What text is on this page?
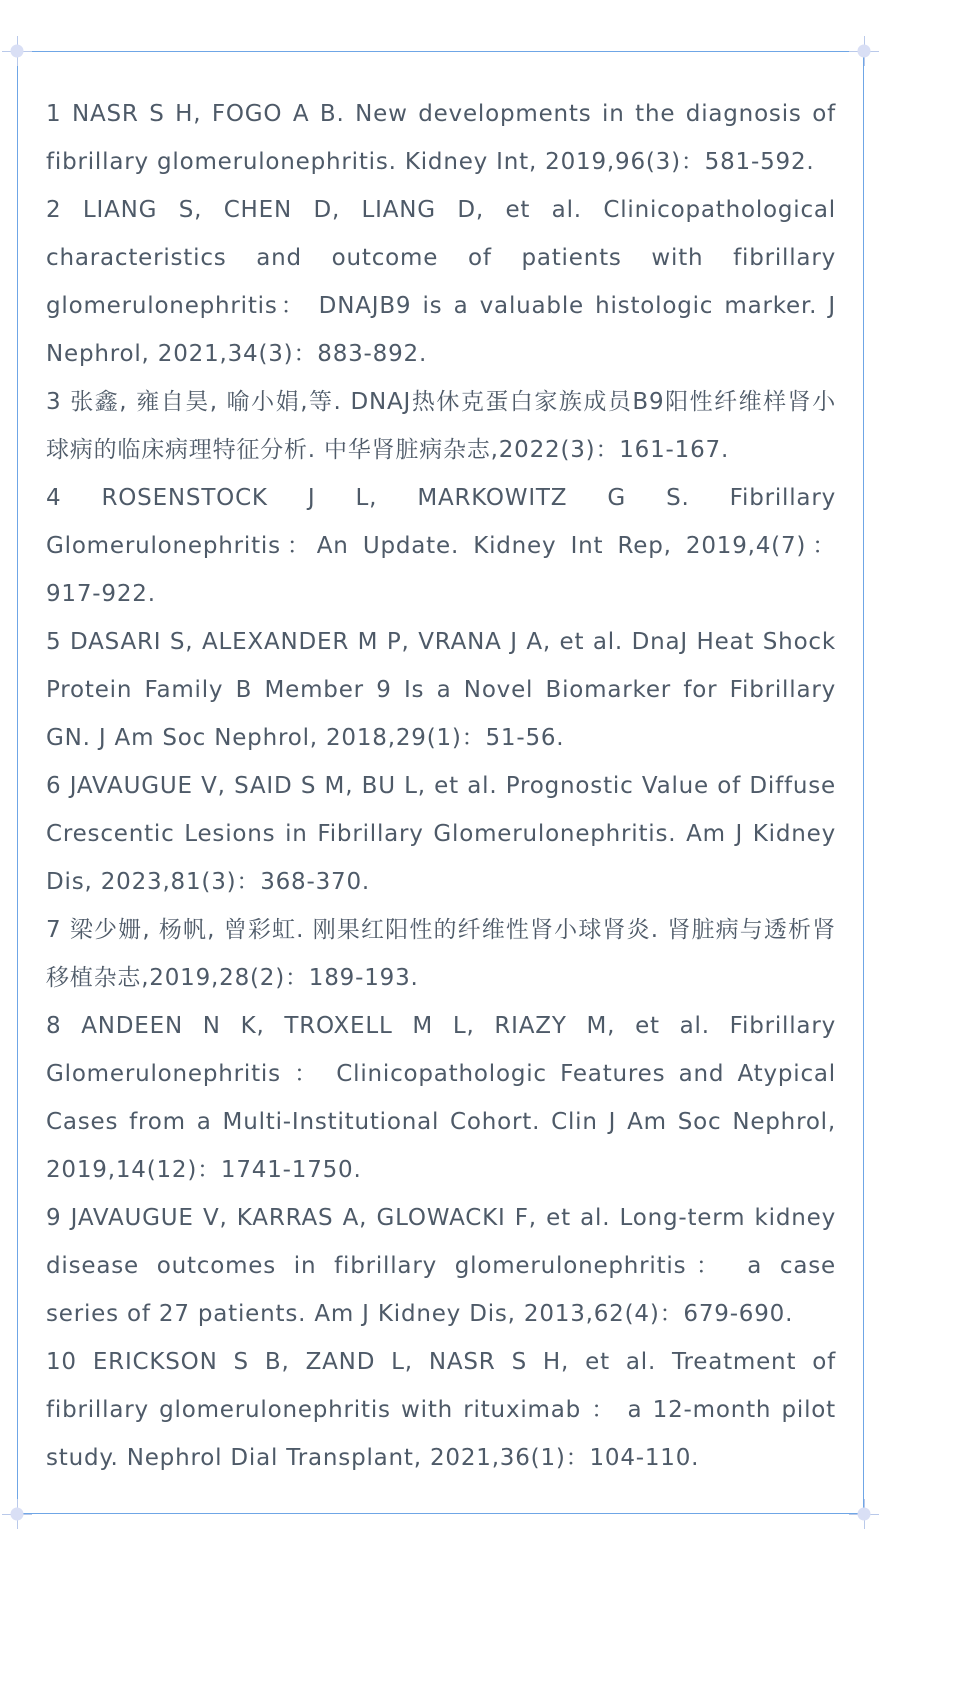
1 NASR S H, FOGO A B. New developments in the diagnosis of fibrillary glomerulonephritis. Kidney Int, 2019,96(3)：581-592.
2 LIANG S, CHEN D, LIANG D, et al. Clinicopathological characteristics and outcome of patients with fibrillary glomerulonephritis： DNAJB9 is a valuable histologic marker. J Nephrol, 2021,34(3)：883-892.
3 张鑫, 雍自昊, 喻小娟,等. DNAJ热休克蛋白家族成员B9阳性纤维样肾小球病的临床病理特征分析. 中华肾脏病杂志,2022(3)：161-167.
4 ROSENSTOCK J L, MARKOWITZ G S. Fibrillary Glomerulonephritis：An Update. Kidney Int Rep, 2019,4(7)：917-922.
5 DASARI S, ALEXANDER M P, VRANA J A, et al. DnaJ Heat Shock Protein Family B Member 9 Is a Novel Biomarker for Fibrillary GN. J Am Soc Nephrol, 2018,29(1)：51-56.
6 JAVAUGUE V, SAID S M, BU L, et al. Prognostic Value of Diffuse Crescentic Lesions in Fibrillary Glomerulonephritis. Am J Kidney Dis, 2023,81(3)：368-370.
7 梁少姗, 杨帆, 曾彩虹. 刚果红阳性的纤维性肾小球肾炎. 肾脏病与透析肾移植杂志,2019,28(2)：189-193.
8 ANDEEN N K, TROXELL M L, RIAZY M, et al. Fibrillary Glomerulonephritis ： Clinicopathologic Features and Atypical Cases from a Multi-Institutional Cohort. Clin J Am Soc Nephrol, 2019,14(12)：1741-1750.
9 JAVAUGUE V, KARRAS A, GLOWACKI F, et al. Long-term kidney disease outcomes in fibrillary glomerulonephritis： a case series of 27 patients. Am J Kidney Dis, 2013,62(4)：679-690.
10 ERICKSON S B, ZAND L, NASR S H, et al. Treatment of fibrillary glomerulonephritis with rituximab ： a 12-month pilot study. Nephrol Dial Transplant, 2021,36(1)：104-110.
